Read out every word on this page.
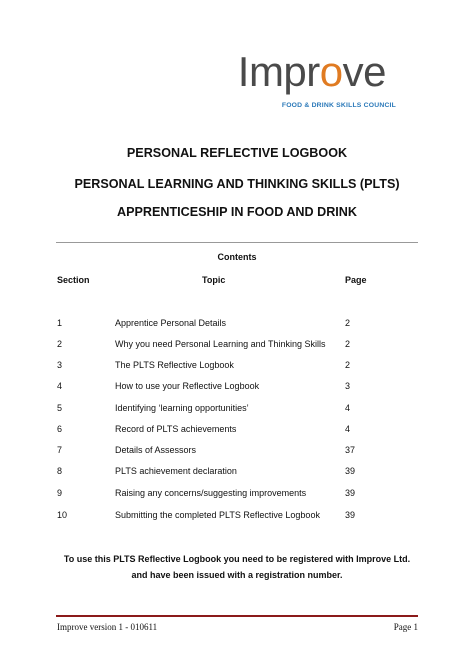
Improve
FOOD & DRINK SKILLS COUNCIL
PERSONAL REFLECTIVE LOGBOOK
PERSONAL LEARNING AND THINKING SKILLS (PLTS)
APPRENTICESHIP IN FOOD AND DRINK
Contents
Section	Topic	Page
1	Apprentice Personal Details	2
2	Why you need Personal Learning and Thinking Skills 2
3	The PLTS Reflective Logbook	2
4	How to use your Reflective Logbook	3
5	Identifying ‘learning opportunities’	4
6	Record of PLTS achievements	4
7	Details of Assessors	37
8	PLTS achievement declaration	39
9	Raising any concerns/suggesting improvements	39
10	Submitting the completed PLTS Reflective Logbook	39
To use this PLTS Reflective Logbook you need to be registered with Improve Ltd. and have been issued with a registration number.
Improve version 1 - 010611	Page 1
